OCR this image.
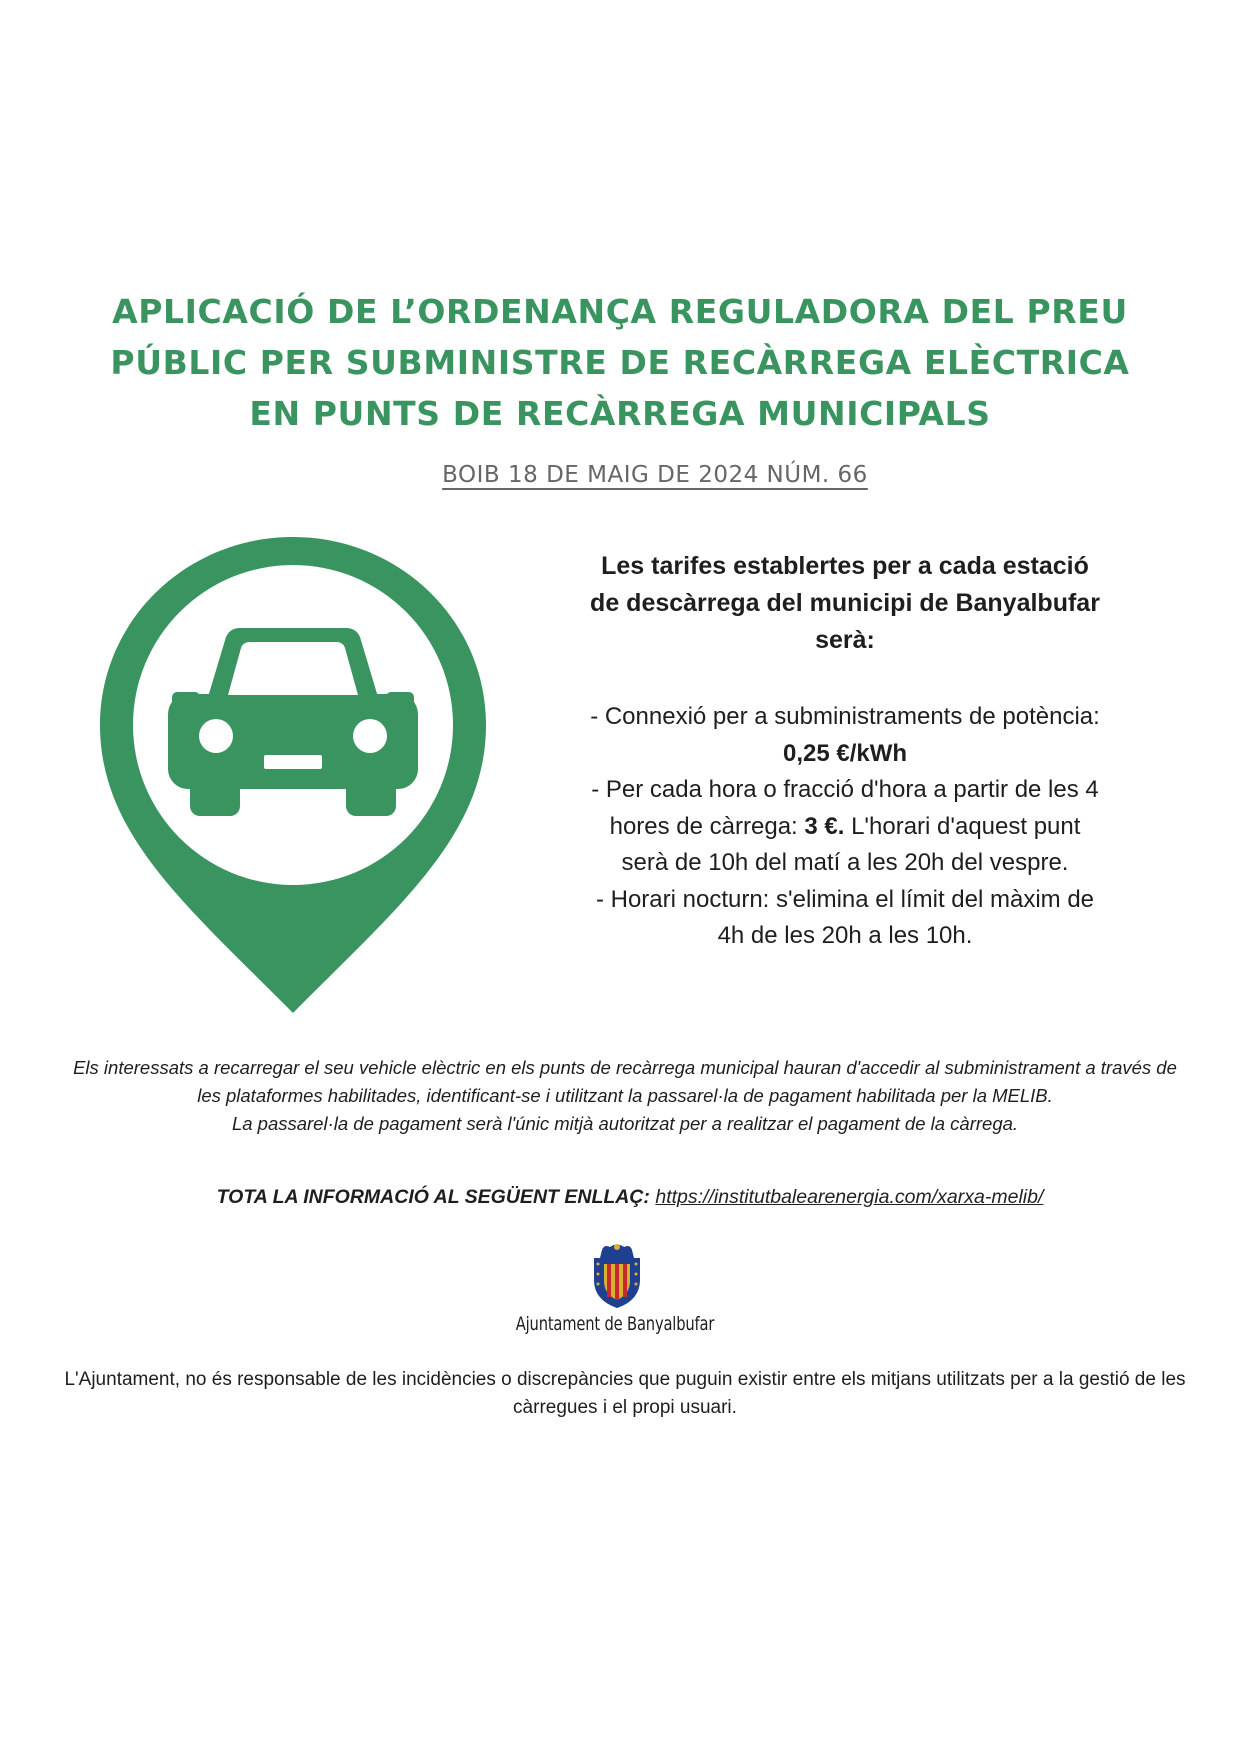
APLICACIÓ DE L’ORDENANÇA REGULADORA DEL PREU
PÚBLIC PER SUBMINISTRE DE RECÀRREGA ELÈCTRICA
EN PUNTS DE RECÀRREGA MUNICIPALS
BOIB 18 DE MAIG DE 2024 NÚM. 66
Les tarifes establertes per a cada estació de descàrrega del municipi de Banyalbufar serà:
- Connexió per a subministraments de potència: 0,25 €/kWh
- Per cada hora o fracció d'hora a partir de les 4 hores de càrrega: 3 €. L'horari d'aquest punt serà de 10h del matí a les 20h del vespre.
- Horari nocturn: s'elimina el límit del màxim de 4h de les 20h a les 10h.

Els interessats a recarregar el seu vehicle elèctric en els punts de recàrrega municipal hauran d'accedir al subministrament a través de les plataformes habilitades, identificant-se i utilitzant la passarel·la de pagament habilitada per la MELIB.

La passarel·la de pagament serà l'únic mitjà autoritzat per a realitzar el pagament de la càrrega.

TOTA LA INFORMACIÓ AL SEGÜENT ENLLAÇ: https://institutbalearenergia.com/xarxa-melib/
Ajuntament de Banyalbufar
L'Ajuntament, no és responsable de les incidències o discrepàncies que puguin existir entre els mitjans utilitzats per a la gestió de les càrregues i el propi usuari.
